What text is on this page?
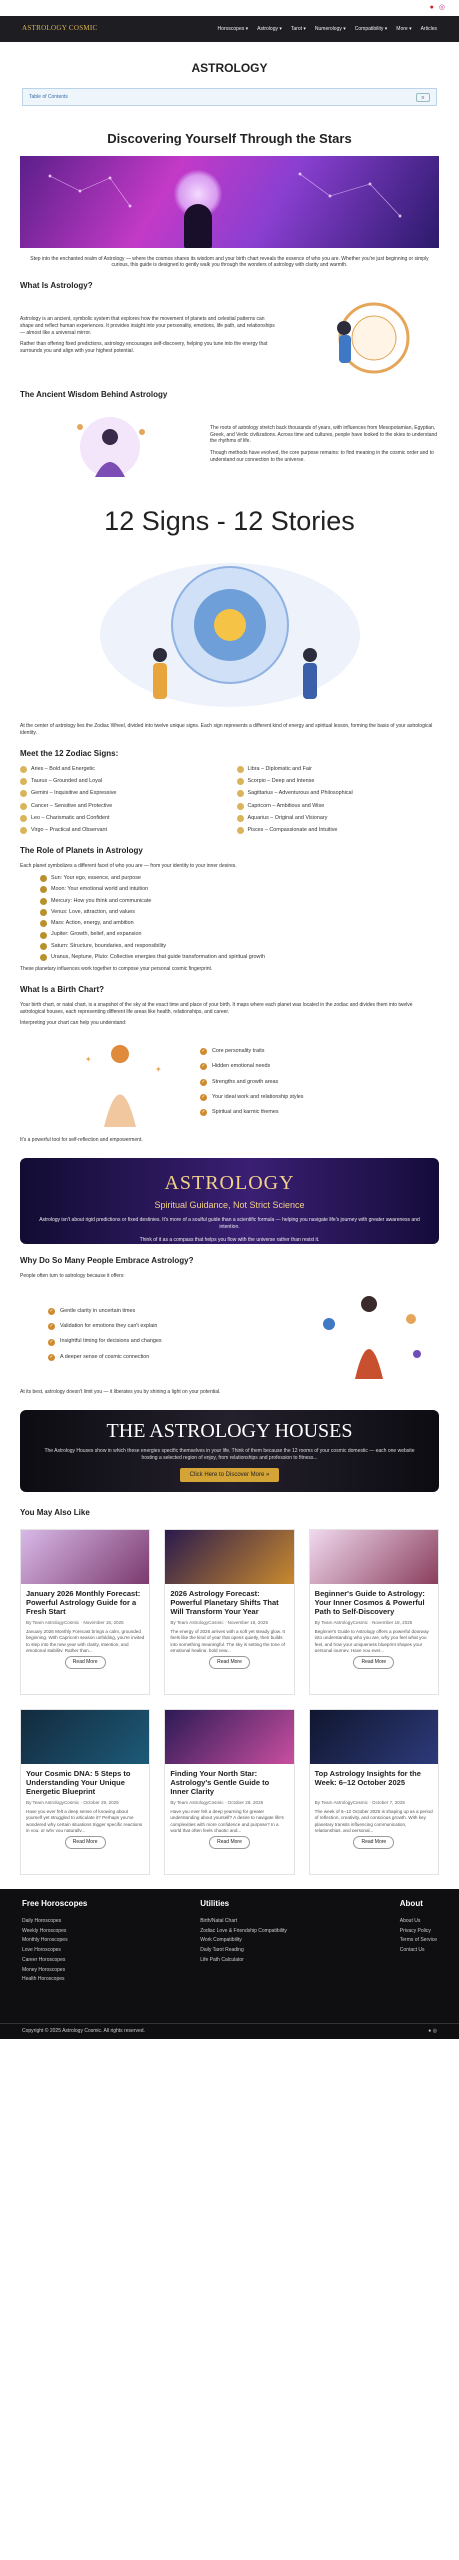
● ◎
ASTROLOGY COSMIC	Horoscopes ▾ Astrology ▾ Tarot ▾ Numerology ▾ Compatibility ▾ More ▾ Articles
ASTROLOGY
Table of Contents	≡
Discovering Yourself Through the Stars

Step into the enchanted realm of Astrology — where the cosmos shares its wisdom and your birth chart reveals the essence of who you are. Whether you're just beginning or simply curious, this guide is designed to gently walk you through the wonders of astrology with clarity and warmth.

What Is Astrology?

Astrology is an ancient, symbolic system that explores how the movement of planets and celestial patterns can shape and reflect human experiences. It provides insight into your personality, emotions, life path, and relationships — almost like a universal mirror.

Rather than offering fixed predictions, astrology encourages self-discovery, helping you tune into the energy that surrounds you and align with your highest potential.

The Ancient Wisdom Behind Astrology

The roots of astrology stretch back thousands of years, with influences from Mesopotamian, Egyptian, Greek, and Vedic civilizations. Across time and cultures, people have looked to the skies to understand the rhythms of life.

Though methods have evolved, the core purpose remains: to find meaning in the cosmic order and to understand our connection to the universe.

12 Signs - 12 Stories

At the center of astrology lies the Zodiac Wheel, divided into twelve unique signs. Each sign represents a different kind of energy and spiritual lesson, forming the basis of your astrological identity.

Meet the 12 Zodiac Signs:
Aries – Bold and Energetic	Libra – Diplomatic and Fair
Taurus – Grounded and Loyal	Scorpio – Deep and Intense
Gemini – Inquisitive and Expressive	Sagittarius – Adventurous and Philosophical
Cancer – Sensitive and Protective	Capricorn – Ambitious and Wise
Leo – Charismatic and Confident	Aquarius – Original and Visionary
Virgo – Practical and Observant	Pisces – Compassionate and Intuitive
The Role of Planets in Astrology

Each planet symbolizes a different facet of who you are — from your identity to your inner desires.

Sun: Your ego, essence, and purpose
Moon: Your emotional world and intuition
Mercury: How you think and communicate
Venus: Love, attraction, and values
Mars: Action, energy, and ambition
Jupiter: Growth, belief, and expansion
Saturn: Structure, boundaries, and responsibility
Uranus, Neptune, Pluto: Collective energies that guide transformation and spiritual growth

These planetary influences work together to compose your personal cosmic fingerprint.

What Is a Birth Chart?

Your birth chart, or natal chart, is a snapshot of the sky at the exact time and place of your birth. It maps where each planet was located in the zodiac and divides them into twelve astrological houses, each representing different life areas like health, relationships, and career.

Interpreting your chart can help you understand:

✦
✦
✓ Core personality traits
✓ Hidden emotional needs
✓ Strengths and growth areas
✓ Your ideal work and relationship styles
✓ Spiritual and karmic themes

It's a powerful tool for self-reflection and empowerment.

ASTROLOGY
Spiritual Guidance, Not Strict Science
Astrology isn't about rigid predictions or fixed destinies. It's more of a soulful guide than a scientific formula — helping you navigate life's journey with greater awareness and intention.
Think of it as a compass that helps you flow with the universe rather than resist it.
Why Do So Many People Embrace Astrology?

People often turn to astrology because it offers:

✓ Gentle clarity in uncertain times
✓ Validation for emotions they can't explain
✓ Insightful timing for decisions and changes
✓ A deeper sense of cosmic connection

At its best, astrology doesn't limit you — it liberates you by shining a light on your potential.

THE ASTROLOGY HOUSES
The Astrology Houses show in which these energies specific themselves in your life. Think of them because the 12 rooms of your cosmic domestic — each one website hosting a selected region of enjoy, from relationships and profession to fitness...
Click Here to Discover More »
You May Also Like
January 2026 Monthly Forecast: Powerful Astrology Guide for a Fresh Start
By Team AstrologyCosmic · November 18, 2025
January 2026 Monthly Forecast brings a calm, grounded beginning. With Capricorn season unfolding, you're invited to step into the new year with clarity, intention, and emotional stability. Rather than...
Read More
2026 Astrology Forecast: Powerful Planetary Shifts That Will Transform Your Year
By Team AstrologyCosmic · November 18, 2025
The energy of 2026 arrives with a soft yet steady glow. It feels like the kind of year that opens quietly, then builds into something meaningful. The sky is setting the tone of emotional healing, bold new...
Read More
Beginner's Guide to Astrology: Your Inner Cosmos & Powerful Path to Self-Discovery
By Team AstrologyCosmic · November 18, 2025
Beginner's Guide to Astrology offers a powerful doorway into understanding who you are, why you feel what you feel, and how your uniqueness blueprint shapes your personal journey. Have you ever...
Read More
Your Cosmic DNA: 5 Steps to Understanding Your Unique Energetic Blueprint
By Team AstrologyCosmic · October 29, 2025
Have you ever felt a deep sense of knowing about yourself yet struggled to articulate it? Perhaps you've wondered why certain situations trigger specific reactions in you, or why you naturally...
Read More
Finding Your North Star: Astrology's Gentle Guide to Inner Clarity
By Team AstrologyCosmic · October 28, 2025
Have you ever felt a deep yearning for greater understanding about yourself? A desire to navigate life's complexities with more confidence and purpose? In a world that often feels chaotic and...
Read More
Top Astrology Insights for the Week: 6–12 October 2025
By Team AstrologyCosmic · October 7, 2025
The week of 6–12 October 2025 is shaping up as a period of reflection, creativity, and conscious growth. With key planetary transits influencing communication, relationships, and personal...
Read More
Free Horoscopes
Daily Horoscopes
Weekly Horoscopes
Monthly Horoscopes
Love Horoscopes
Career Horoscopes
Money Horoscopes
Health Horoscopes
Utilities
Birth/Natal Chart
Zodiac Love & Friendship Compatibility
Work Compatibility
Daily Tarot Reading
Life Path Calculator
About
About Us
Privacy Policy
Terms of Service
Contact Us
Copyright © 2025 Astrology Cosmic. All rights reserved.	● ◎
